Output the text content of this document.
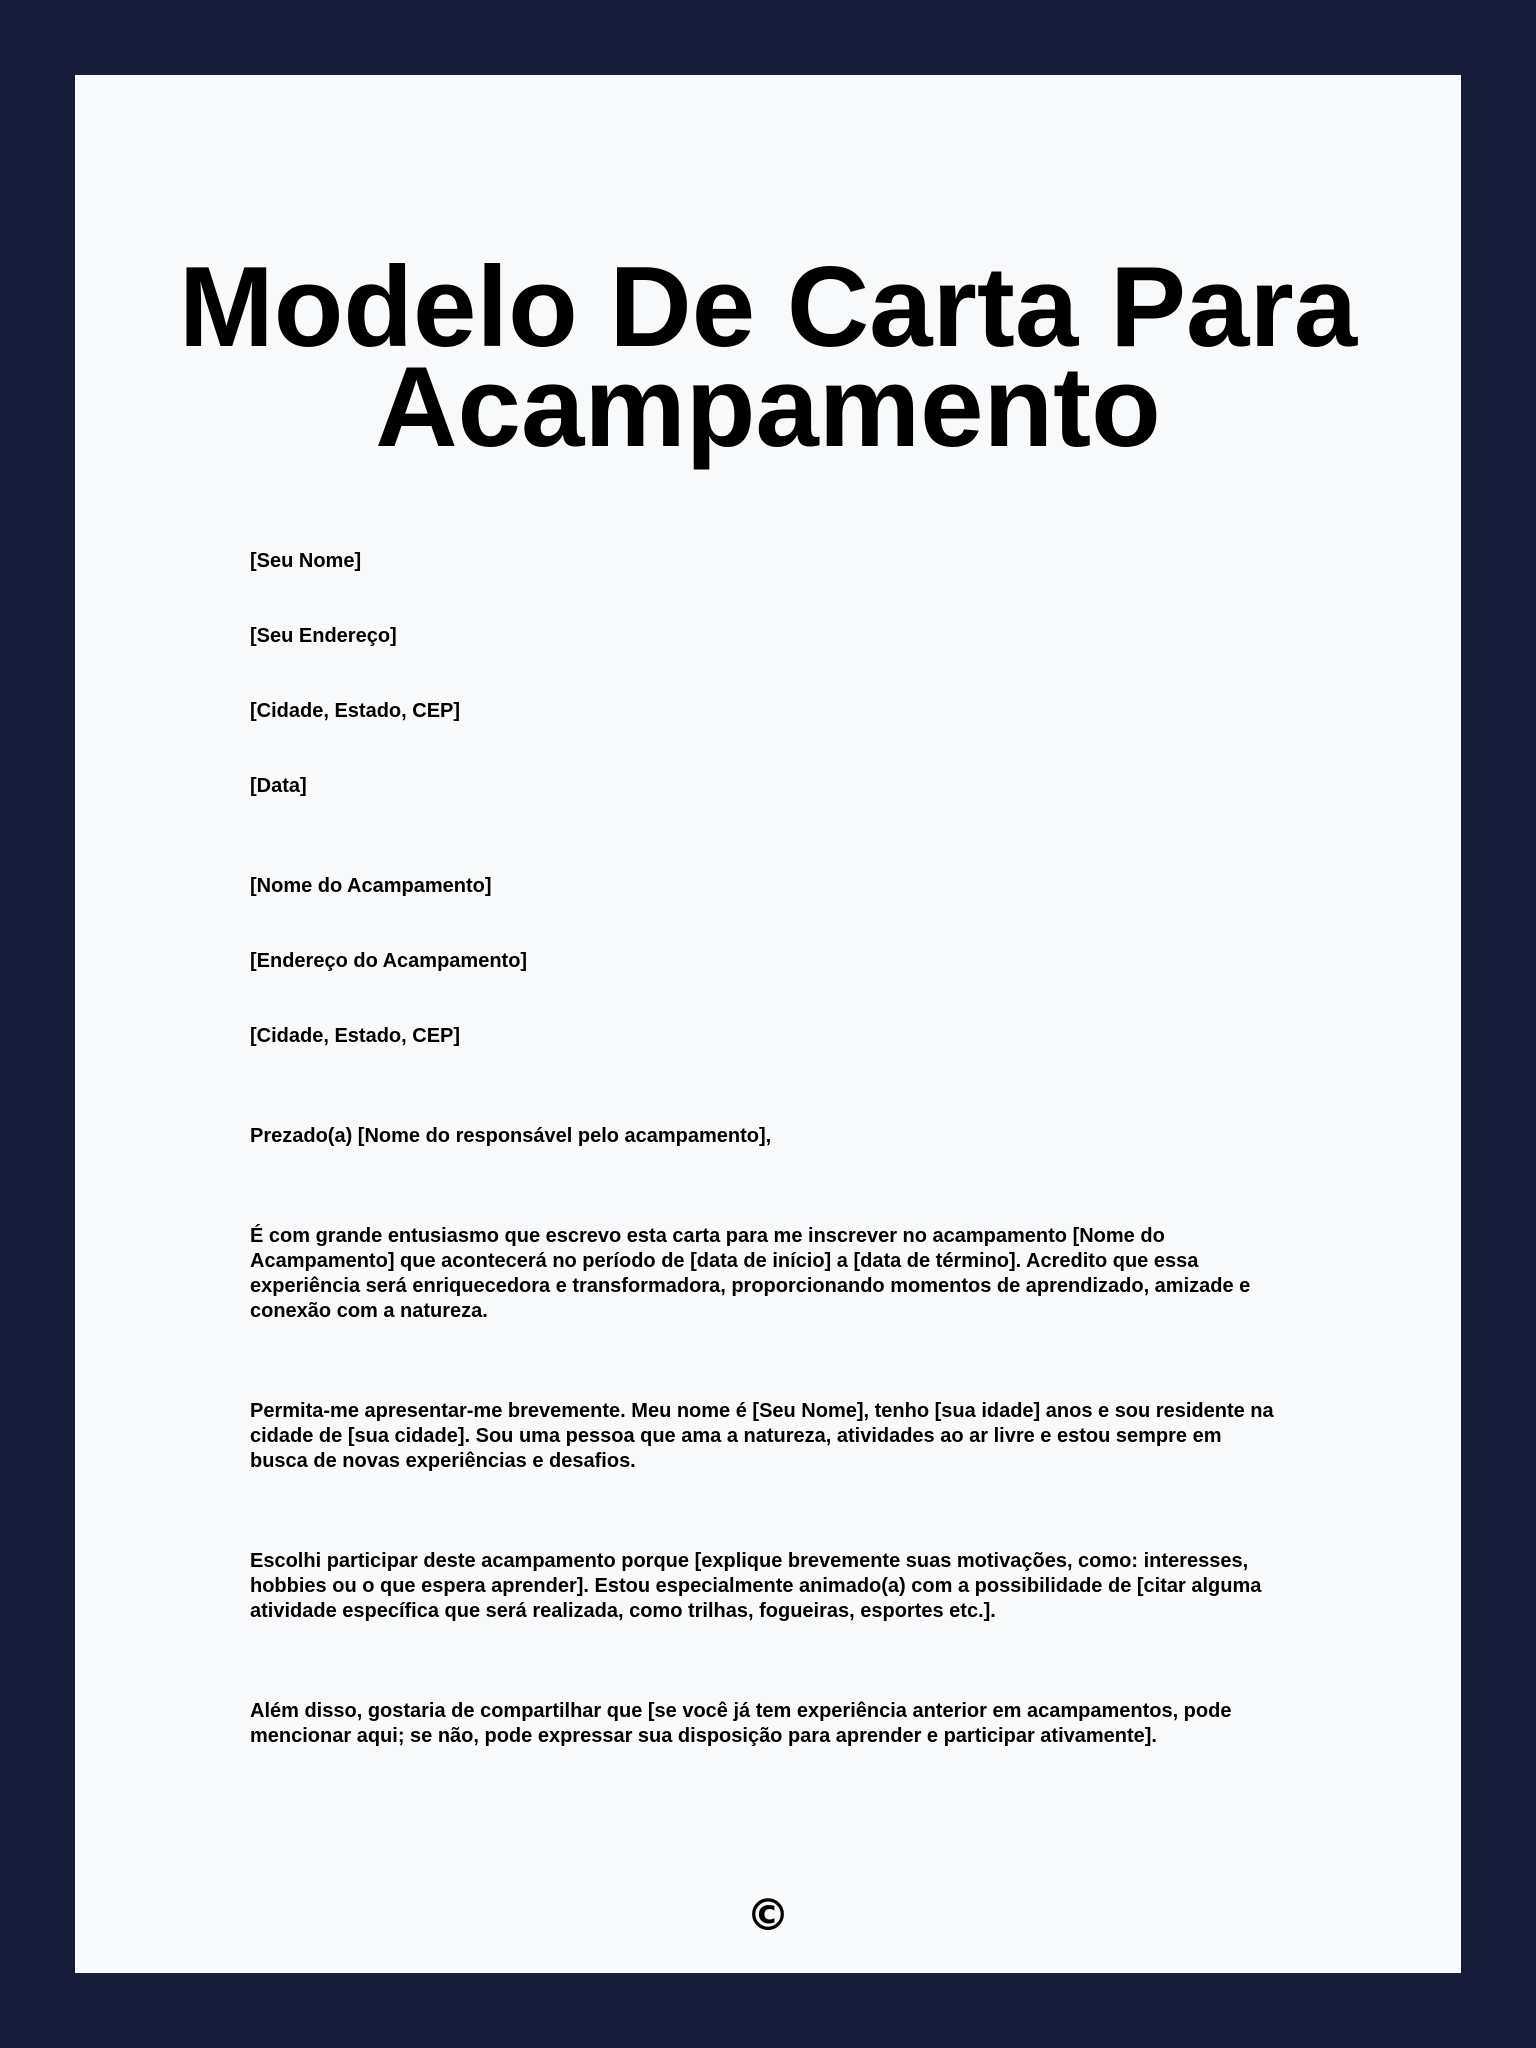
Modelo De Carta Para
Acampamento

[Seu Nome]

[Seu Endereço]

[Cidade, Estado, CEP]

[Data]

[Nome do Acampamento]

[Endereço do Acampamento]

[Cidade, Estado, CEP]

Prezado(a) [Nome do responsável pelo acampamento],

É com grande entusiasmo que escrevo esta carta para me inscrever no acampamento [Nome do
Acampamento] que acontecerá no período de [data de início] a [data de término]. Acredito que essa
experiência será enriquecedora e transformadora, proporcionando momentos de aprendizado, amizade e
conexão com a natureza.
Permita-me apresentar-me brevemente. Meu nome é [Seu Nome], tenho [sua idade] anos e sou residente na
cidade de [sua cidade]. Sou uma pessoa que ama a natureza, atividades ao ar livre e estou sempre em
busca de novas experiências e desafios.
Escolhi participar deste acampamento porque [explique brevemente suas motivações, como: interesses,
hobbies ou o que espera aprender]. Estou especialmente animado(a) com a possibilidade de [citar alguma
atividade específica que será realizada, como trilhas, fogueiras, esportes etc.].
Além disso, gostaria de compartilhar que [se você já tem experiência anterior em acampamentos, pode
mencionar aqui; se não, pode expressar sua disposição para aprender e participar ativamente].
©
